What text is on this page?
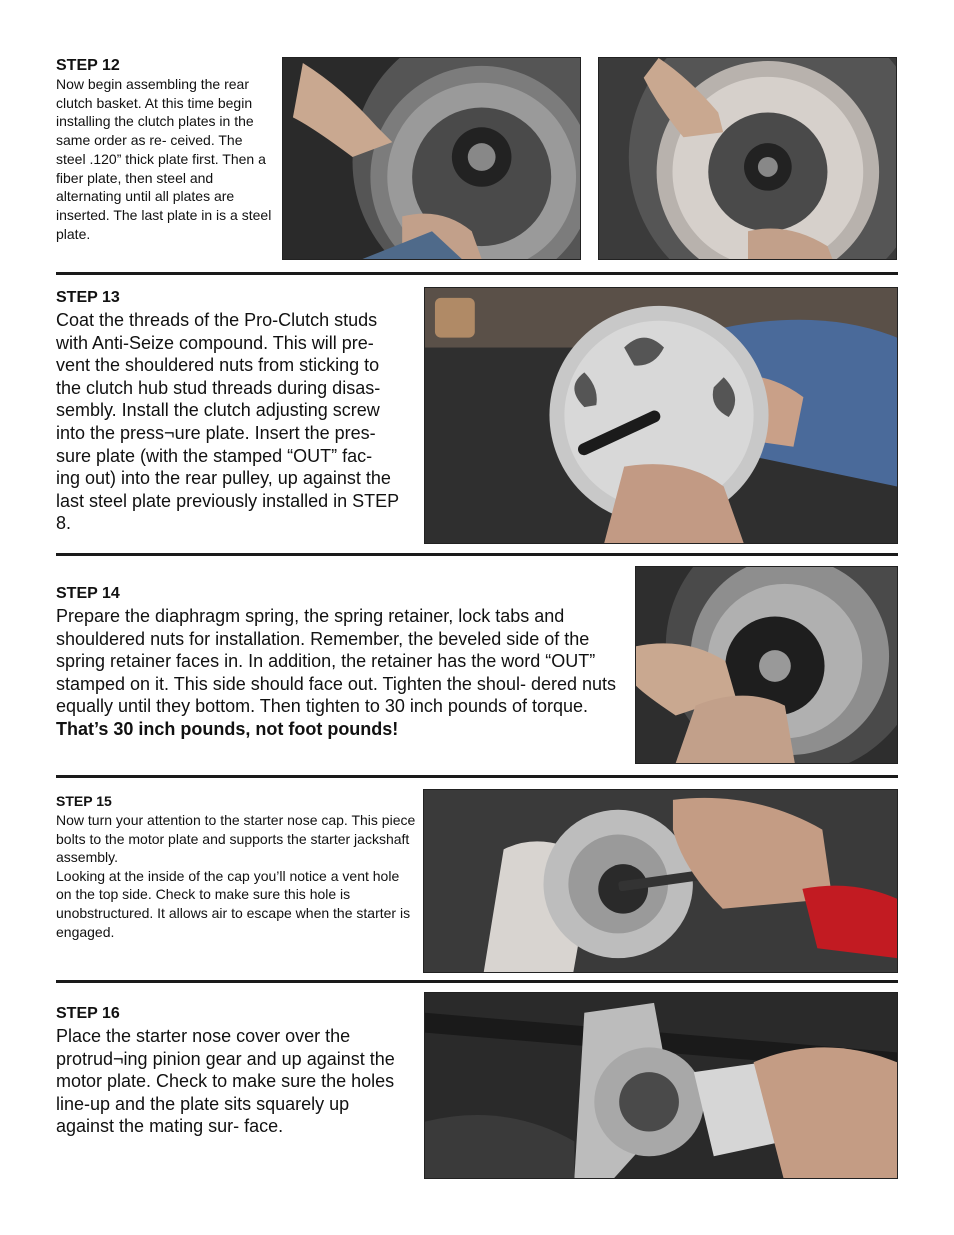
STEP 12

Now begin assembling the rear clutch basket. At this time begin installing the clutch plates in the same order as re- ceived. The steel .120” thick plate first. Then a fiber plate, then steel and alternating until all plates are inserted. The last plate in is a steel plate.

STEP 13

Coat the threads of the Pro-Clutch studs with Anti-Seize compound. This will pre- vent the shouldered nuts from sticking to the clutch hub stud threads during disas- sembly. Install the clutch adjusting screw into the press¬ure plate. Insert the pres- sure plate (with the stamped “OUT” fac- ing out) into the rear pulley, up against the last steel plate previously installed in STEP 8.

STEP 14

Prepare the diaphragm spring, the spring retainer, lock tabs and shouldered nuts for installation. Remember, the beveled side of the spring retainer faces in. In addition, the retainer has the word “OUT” stamped on it. This side should face out. Tighten the shoul- dered nuts equally until they bottom. Then tighten to 30 inch pounds of torque. That’s 30 inch pounds, not foot pounds!

STEP 15

Now turn your attention to the starter nose cap. This piece bolts to the motor plate and supports the starter jackshaft assembly.

Looking at the inside of the cap you’ll notice a vent hole on the top side. Check to make sure this hole is unobstructured. It allows air to escape when the starter is engaged.

STEP 16

Place the starter nose cover over the protrud¬ing pinion gear and up against the motor plate. Check to make sure the holes line-up and the plate sits squarely up against the mating sur- face.
